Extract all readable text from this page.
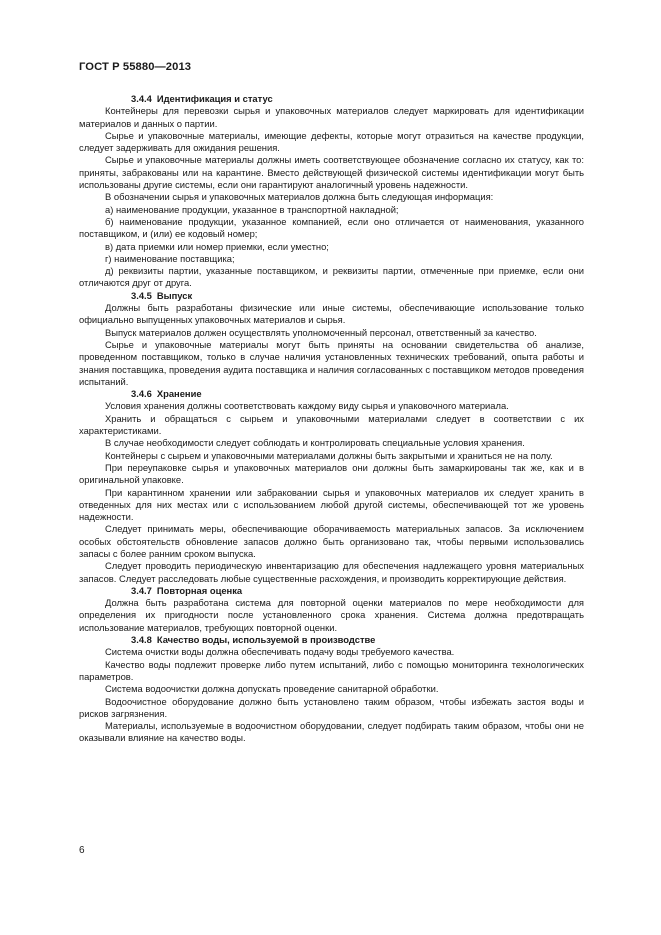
ГОСТ Р 55880—2013

3.4.4 Идентификация и статус

Контейнеры для перевозки сырья и упаковочных материалов следует маркировать для идентификации материалов и данных о партии.

Сырье и упаковочные материалы, имеющие дефекты, которые могут отразиться на качестве продукции, следует задерживать для ожидания решения.

Сырье и упаковочные материалы должны иметь соответствующее обозначение согласно их статусу, как то: приняты, забракованы или на карантине. Вместо действующей физической системы идентификации могут быть использованы другие системы, если они гарантируют аналогичный уровень надежности.

В обозначении сырья и упаковочных материалов должна быть следующая информация:

а) наименование продукции, указанное в транспортной накладной;

б) наименование продукции, указанное компанией, если оно отличается от наименования, указанного поставщиком, и (или) ее кодовый номер;

в) дата приемки или номер приемки, если уместно;

г) наименование поставщика;

д) реквизиты партии, указанные поставщиком, и реквизиты партии, отмеченные при приемке, если они отличаются друг от друга.

3.4.5 Выпуск

Должны быть разработаны физические или иные системы, обеспечивающие использование только официально выпущенных упаковочных материалов и сырья.

Выпуск материалов должен осуществлять уполномоченный персонал, ответственный за качество.

Сырье и упаковочные материалы могут быть приняты на основании свидетельства об анализе, проведенном поставщиком, только в случае наличия установленных технических требований, опыта работы и знания поставщика, проведения аудита поставщика и наличия согласованных с поставщиком методов проведения испытаний.

3.4.6 Хранение

Условия хранения должны соответствовать каждому виду сырья и упаковочного материала.

Хранить и обращаться с сырьем и упаковочными материалами следует в соответствии с их характеристиками.

В случае необходимости следует соблюдать и контролировать специальные условия хранения.

Контейнеры с сырьем и упаковочными материалами должны быть закрытыми и храниться не на полу.

При переупаковке сырья и упаковочных материалов они должны быть замаркированы так же, как и в оригинальной упаковке.

При карантинном хранении или забраковании сырья и упаковочных материалов их следует хранить в отведенных для них местах или с использованием любой другой системы, обеспечивающей тот же уровень надежности.

Следует принимать меры, обеспечивающие оборачиваемость материальных запасов. За исключением особых обстоятельств обновление запасов должно быть организовано так, чтобы первыми использовались запасы с более ранним сроком выпуска.

Следует проводить периодическую инвентаризацию для обеспечения надлежащего уровня материальных запасов. Следует расследовать любые существенные расхождения, и производить корректирующие действия.

3.4.7 Повторная оценка

Должна быть разработана система для повторной оценки материалов по мере необходимости для определения их пригодности после установленного срока хранения. Система должна предотвращать использование материалов, требующих повторной оценки.

3.4.8 Качество воды, используемой в производстве

Система очистки воды должна обеспечивать подачу воды требуемого качества.

Качество воды подлежит проверке либо путем испытаний, либо с помощью мониторинга технологических параметров.

Система водоочистки должна допускать проведение санитарной обработки.

Водоочистное оборудование должно быть установлено таким образом, чтобы избежать застоя воды и рисков загрязнения.

Материалы, используемые в водоочистном оборудовании, следует подбирать таким образом, чтобы они не оказывали влияние на качество воды.

6
